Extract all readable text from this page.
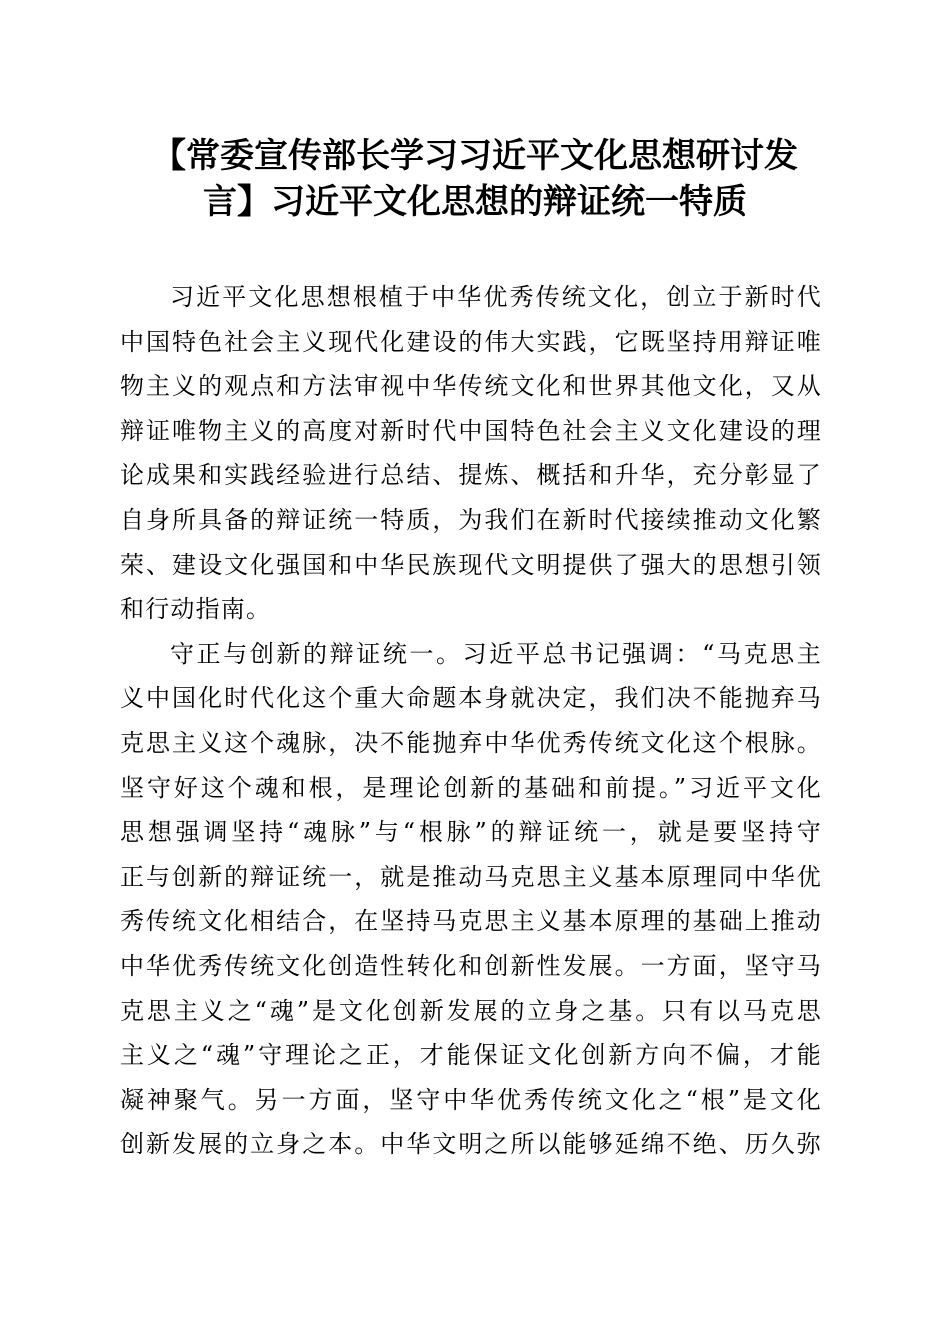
【常委宣传部长学习习近平文化思想研讨发
言】习近平文化思想的辩证统一特质
习近平文化思想根植于中华优秀传统文化，创立于新时代
中国特色社会主义现代化建设的伟大实践，它既坚持用辩证唯
物主义的观点和方法审视中华传统文化和世界其他文化，又从
辩证唯物主义的高度对新时代中国特色社会主义文化建设的理
论成果和实践经验进行总结、提炼、概括和升华，充分彰显了
自身所具备的辩证统一特质，为我们在新时代接续推动文化繁
荣、建设文化强国和中华民族现代文明提供了强大的思想引领
和行动指南。
守正与创新的辩证统一。习近平总书记强调：“马克思主
义中国化时代化这个重大命题本身就决定，我们决不能抛弃马
克思主义这个魂脉，决不能抛弃中华优秀传统文化这个根脉。
坚守好这个魂和根，是理论创新的基础和前提。”习近平文化
思想强调坚持“魂脉”与“根脉”的辩证统一，就是要坚持守
正与创新的辩证统一，就是推动马克思主义基本原理同中华优
秀传统文化相结合，在坚持马克思主义基本原理的基础上推动
中华优秀传统文化创造性转化和创新性发展。一方面，坚守马
克思主义之“魂”是文化创新发展的立身之基。只有以马克思
主义之“魂”守理论之正，才能保证文化创新方向不偏，才能
凝神聚气。另一方面，坚守中华优秀传统文化之“根”是文化
创新发展的立身之本。中华文明之所以能够延绵不绝、历久弥
